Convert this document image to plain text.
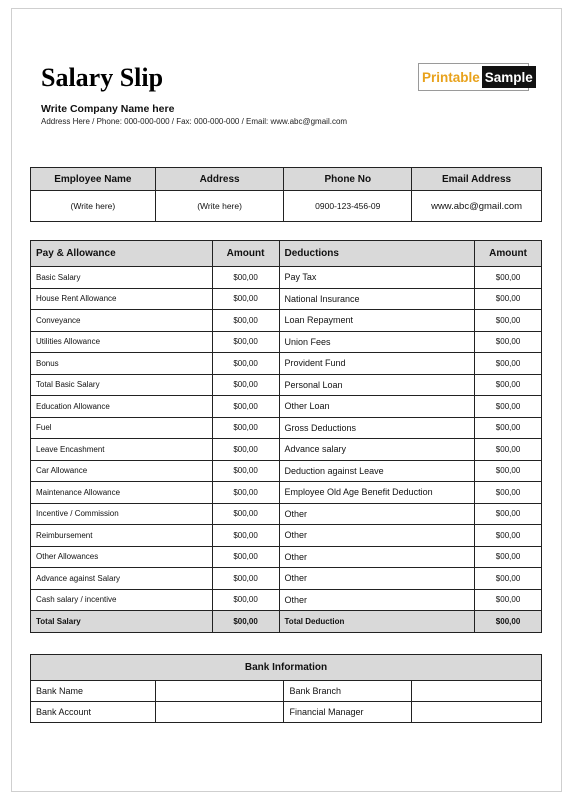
Salary Slip	Printable Sample
Write Company Name here
Address Here / Phone: 000-000-000 / Fax: 000-000-000 / Email: www.abc@gmail.com
Employee Name	Address	Phone No	Email Address
(Write here)	(Write here)	0900-123-456-09	www.abc@gmail.com
Pay & Allowance	Amount	Deductions	Amount
Basic Salary	$00,00	Pay Tax	$00,00
House Rent Allowance	$00,00	National Insurance	$00,00
Conveyance	$00,00	Loan Repayment	$00,00
Utilities Allowance	$00,00	Union Fees	$00,00
Bonus	$00,00	Provident Fund	$00,00
Total Basic Salary	$00,00	Personal Loan	$00,00
Education Allowance	$00,00	Other Loan	$00,00
Fuel	$00,00	Gross Deductions	$00,00
Leave Encashment	$00,00	Advance salary	$00,00
Car Allowance	$00,00	Deduction against Leave	$00,00
Maintenance Allowance	$00,00	Employee Old Age Benefit Deduction	$00,00
Incentive / Commission	$00,00	Other	$00,00
Reimbursement	$00,00	Other	$00,00
Other Allowances	$00,00	Other	$00,00
Advance against Salary	$00,00	Other	$00,00
Cash salary / incentive	$00,00	Other	$00,00
Total Salary	$00,00	Total Deduction	$00,00
Bank Information			
Bank Name		Bank Branch	
Bank Account		Financial Manager	
